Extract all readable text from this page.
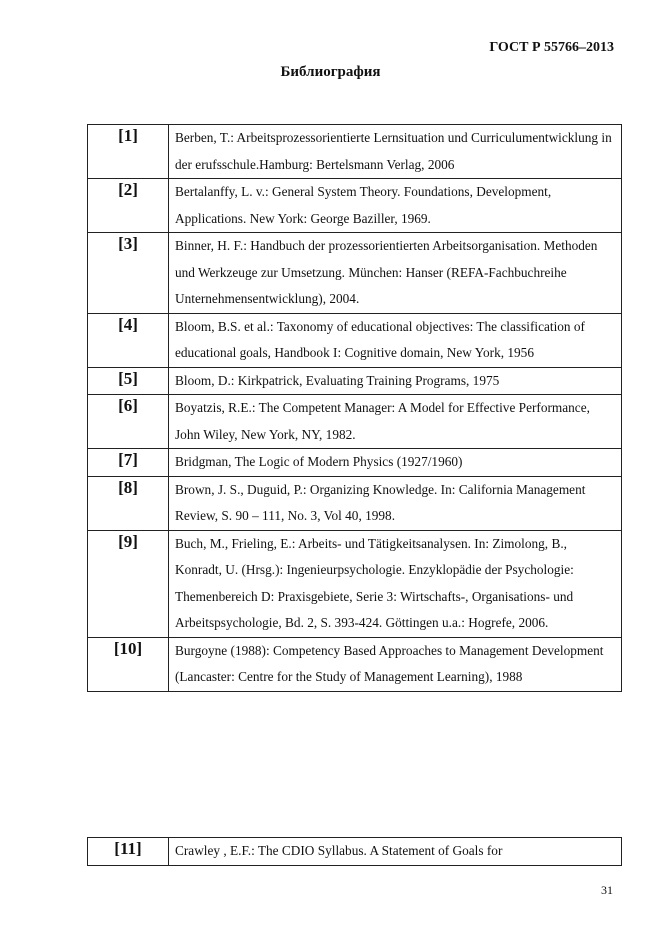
ГОСТ Р 55766–2013
Библиография
[1]	Berben, T.: Arbeitsprozessorientierte Lernsituation und Curriculumentwicklung in der erufsschule.Hamburg: Bertelsmann Verlag, 2006
[2]	Bertalanffy, L. v.: General System Theory. Foundations, Development, Applications. New York: George Baziller, 1969.
[3]	Binner, H. F.: Handbuch der prozessorientierten Arbeitsorganisation. Methoden und Werkzeuge zur Umsetzung. München: Hanser (REFA-Fachbuchreihe Unternehmensentwicklung), 2004.
[4]	Bloom, B.S. et al.: Taxonomy of educational objectives: The classification of educational goals, Handbook I: Cognitive domain, New York, 1956
[5]	Bloom, D.: Kirkpatrick, Evaluating Training Programs, 1975
[6]	Boyatzis, R.E.: The Competent Manager: A Model for Effective Performance, John Wiley, New York, NY, 1982.
[7]	Bridgman, The Logic of Modern Physics (1927/1960)
[8]	Brown, J. S., Duguid, P.: Organizing Knowledge. In: California Management Review, S. 90 – 111, No. 3, Vol 40, 1998.
[9]	Buch, M., Frieling, E.: Arbeits- und Tätigkeitsanalysen. In: Zimolong, B., Konradt, U. (Hrsg.): Ingenieurpsychologie. Enzyklopädie der Psychologie: Themenbereich D: Praxisgebiete, Serie 3: Wirtschafts-, Organisations- und Arbeitspsychologie, Bd. 2, S. 393-424. Göttingen u.a.: Hogrefe, 2006.
[10]	Burgoyne (1988): Competency Based Approaches to Management Development (Lancaster: Centre for the Study of Management Learning), 1988
[11]	Crawley , E.F.: The CDIO Syllabus. A Statement of Goals for
31
